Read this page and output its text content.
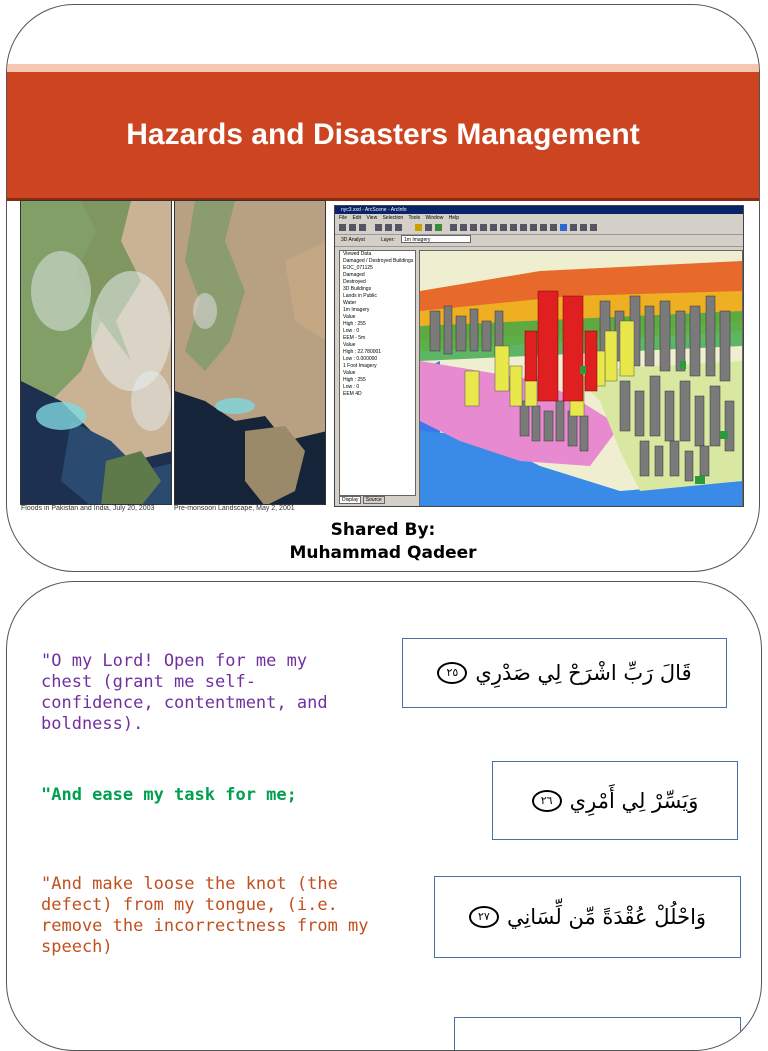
Hazards and Disasters Management
Floods in Pakistan and India, July 20, 2003	Pre-monsoon Landscape, May 2, 2001
nyc3.sxd - ArcScene - ArcInfo
File Edit View Selection Tools Window Help
3D Analyst	Layer:	1m Imagery
Viewed Data
Damaged / Destroyed Buildings
EOC_071125
Damaged
Destroyed
3D Buildings
Lands in Public
Water
1m Imagery
Value
High : 255
Low : 0
EEM - 5m
Value
High : 22.780001
Low : 0.000000
1 Foot Imagery
Value
High : 255
Low : 0
EEM 4D
Display Source
Shared By:
Muhammad Qadeer
"O my Lord! Open for me my chest (grant me self-confidence, contentment, and boldness).
"And ease my task for me;
"And make loose the knot (the defect) from my tongue, (i.e. remove the incorrectness from my speech)
قَالَ رَبِّ اشْرَحْ لِي صَدْرِي
٢٥
وَيَسِّرْ لِي أَمْرِي
٢٦
وَاحْلُلْ عُقْدَةً مِّن لِّسَانِي
٢٧
